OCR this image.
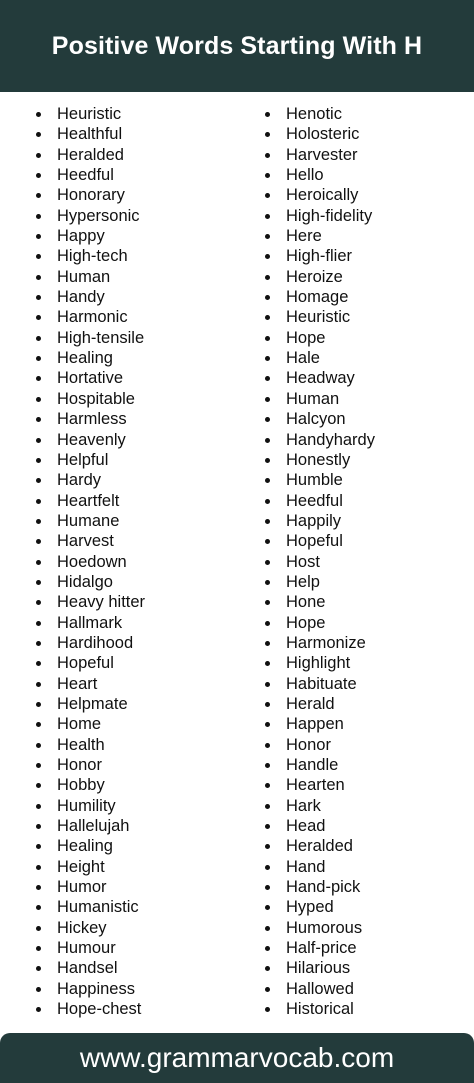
Positive Words Starting With H
Heuristic
Healthful
Heralded
Heedful
Honorary
Hypersonic
Happy
High-tech
Human
Handy
Harmonic
High-tensile
Healing
Hortative
Hospitable
Harmless
Heavenly
Helpful
Hardy
Heartfelt
Humane
Harvest
Hoedown
Hidalgo
Heavy hitter
Hallmark
Hardihood
Hopeful
Heart
Helpmate
Home
Health
Honor
Hobby
Humility
Hallelujah
Healing
Height
Humor
Humanistic
Hickey
Humour
Handsel
Happiness
Hope-chest
Henotic
Holosteric
Harvester
Hello
Heroically
High-fidelity
Here
High-flier
Heroize
Homage
Heuristic
Hope
Hale
Headway
Human
Halcyon
Handyhardy
Honestly
Humble
Heedful
Happily
Hopeful
Host
Help
Hone
Hope
Harmonize
Highlight
Habituate
Herald
Happen
Honor
Handle
Hearten
Hark
Head
Heralded
Hand
Hand-pick
Hyped
Humorous
Half-price
Hilarious
Hallowed
Historical
www.grammarvocab.com
